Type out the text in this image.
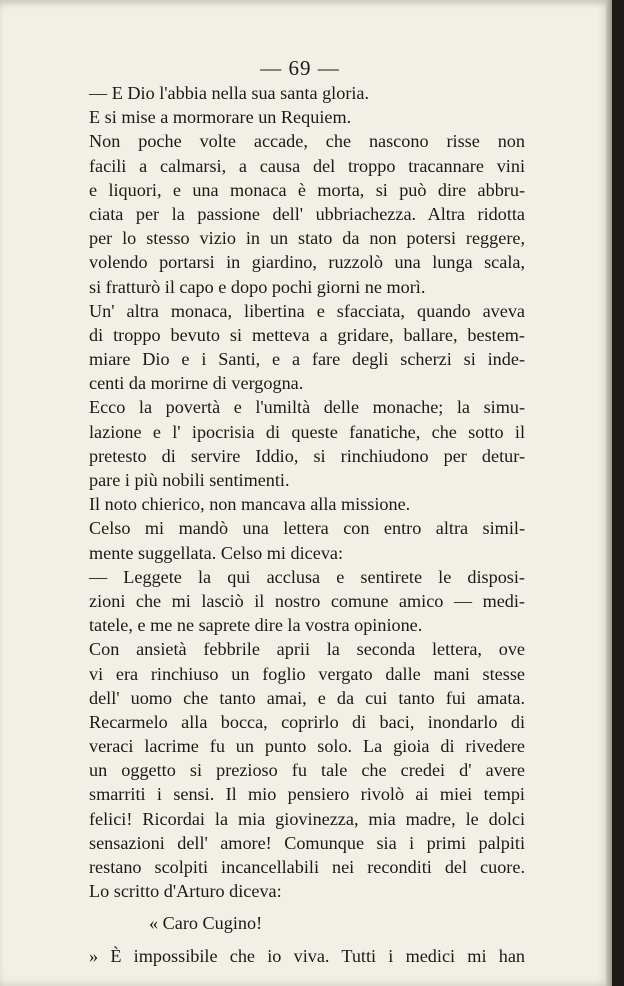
— 69 —
— E Dio l'abbia nella sua santa gloria.
E si mise a mormorare un Requiem.
Non poche volte accade, che nascono risse non
facili a calmarsi, a causa del troppo tracannare vini
e liquori, e una monaca è morta, si può dire abbru-
ciata per la passione dell' ubbriachezza. Altra ridotta
per lo stesso vizio in un stato da non potersi reggere,
volendo portarsi in giardino, ruzzolò una lunga scala,
si fratturò il capo e dopo pochi giorni ne morì.
Un' altra monaca, libertina e sfacciata, quando aveva
di troppo bevuto si metteva a gridare, ballare, bestem-
miare Dio e i Santi, e a fare degli scherzi si inde-
centi da morirne di vergogna.
Ecco la povertà e l'umiltà delle monache; la simu-
lazione e l' ipocrisia di queste fanatiche, che sotto il
pretesto di servire Iddio, si rinchiudono per detur-
pare i più nobili sentimenti.
Il noto chierico, non mancava alla missione.
Celso mi mandò una lettera con entro altra simil-
mente suggellata. Celso mi diceva:
— Leggete la qui acclusa e sentirete le disposi-
zioni che mi lasciò il nostro comune amico — medi-
tatele, e me ne saprete dire la vostra opinione.
Con ansietà febbrile aprii la seconda lettera, ove
vi era rinchiuso un foglio vergato dalle mani stesse
dell' uomo che tanto amai, e da cui tanto fui amata.
Recarmelo alla bocca, coprirlo di baci, inondarlo di
veraci lacrime fu un punto solo. La gioia di rivedere
un oggetto si prezioso fu tale che credei d' avere
smarriti i sensi. Il mio pensiero rivolò ai miei tempi
felici! Ricordai la mia giovinezza, mia madre, le dolci
sensazioni dell' amore! Comunque sia i primi palpiti
restano scolpiti incancellabili nei reconditi del cuore.
Lo scritto d'Arturo diceva:
« Caro Cugino!
» È impossibile che io viva. Tutti i medici mi han
